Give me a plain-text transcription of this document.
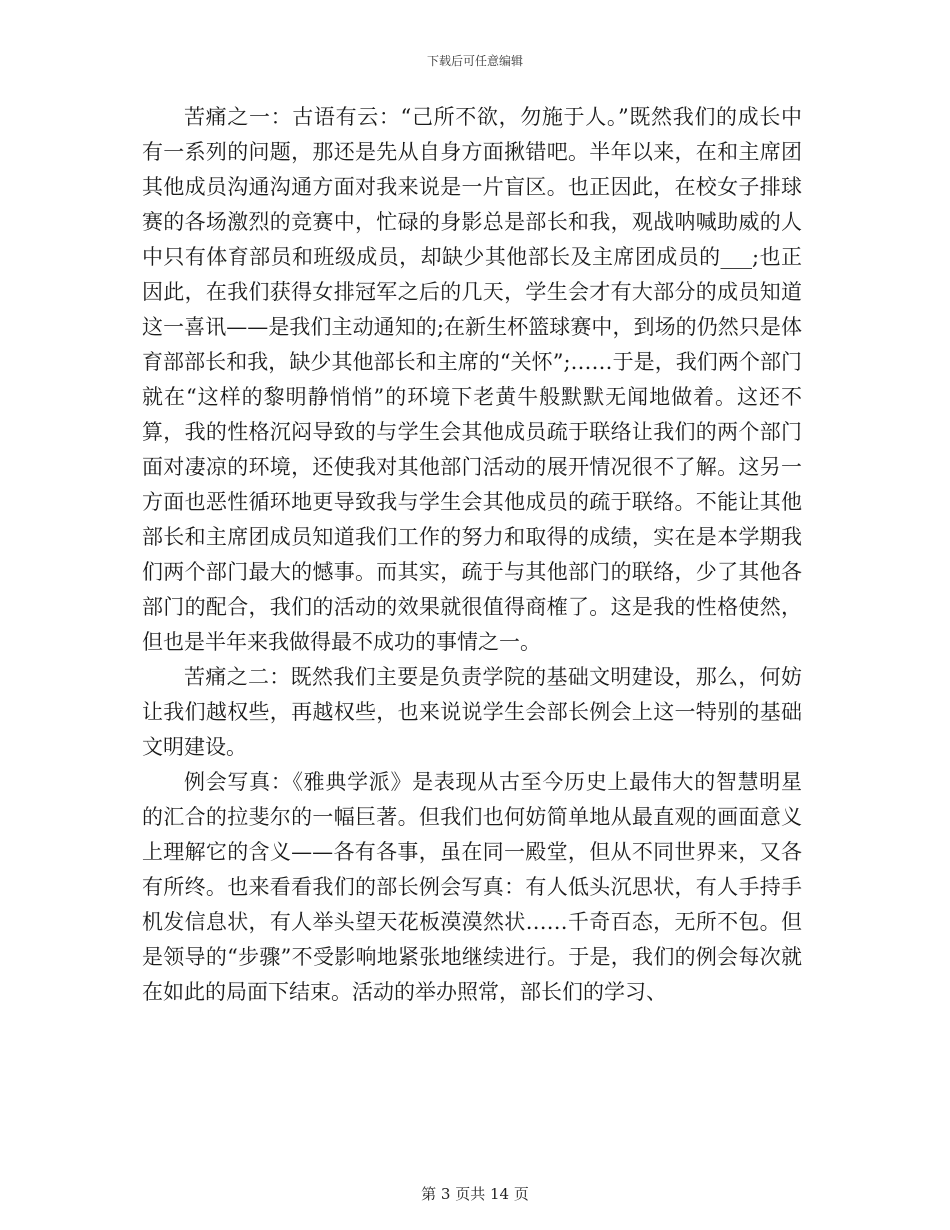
下载后可任意编辑

苦痛之一：古语有云：“己所不欲，勿施于人。”既然我们的成长中有一系列的问题，那还是先从自身方面揪错吧。半年以来，在和主席团其他成员沟通沟通方面对我来说是一片盲区。也正因此，在校女子排球赛的各场激烈的竞赛中，忙碌的身影总是部长和我，观战呐喊助威的人中只有体育部员和班级成员，却缺少其他部长及主席团成员的___;也正因此，在我们获得女排冠军之后的几天，学生会才有大部分的成员知道这一喜讯——是我们主动通知的;在新生杯篮球赛中，到场的仍然只是体育部部长和我，缺少其他部长和主席的“关怀”;……于是，我们两个部门就在“这样的黎明静悄悄”的环境下老黄牛般默默无闻地做着。这还不算，我的性格沉闷导致的与学生会其他成员疏于联络让我们的两个部门面对凄凉的环境，还使我对其他部门活动的展开情况很不了解。这另一方面也恶性循环地更导致我与学生会其他成员的疏于联络。不能让其他部长和主席团成员知道我们工作的努力和取得的成绩，实在是本学期我们两个部门最大的憾事。而其实，疏于与其他部门的联络，少了其他各部门的配合，我们的活动的效果就很值得商榷了。这是我的性格使然，但也是半年来我做得最不成功的事情之一。

苦痛之二：既然我们主要是负责学院的基础文明建设，那么，何妨让我们越权些，再越权些，也来说说学生会部长例会上这一特别的基础文明建设。

例会写真：《雅典学派》是表现从古至今历史上最伟大的智慧明星的汇合的拉斐尔的一幅巨著。但我们也何妨简单地从最直观的画面意义上理解它的含义——各有各事，虽在同一殿堂，但从不同世界来，又各有所终。也来看看我们的部长例会写真：有人低头沉思状，有人手持手机发信息状，有人举头望天花板漠漠然状……千奇百态，无所不包。但是领导的“步骤”不受影响地紧张地继续进行。于是，我们的例会每次就在如此的局面下结束。活动的举办照常，部长们的学习、

第 3 页共 14 页
